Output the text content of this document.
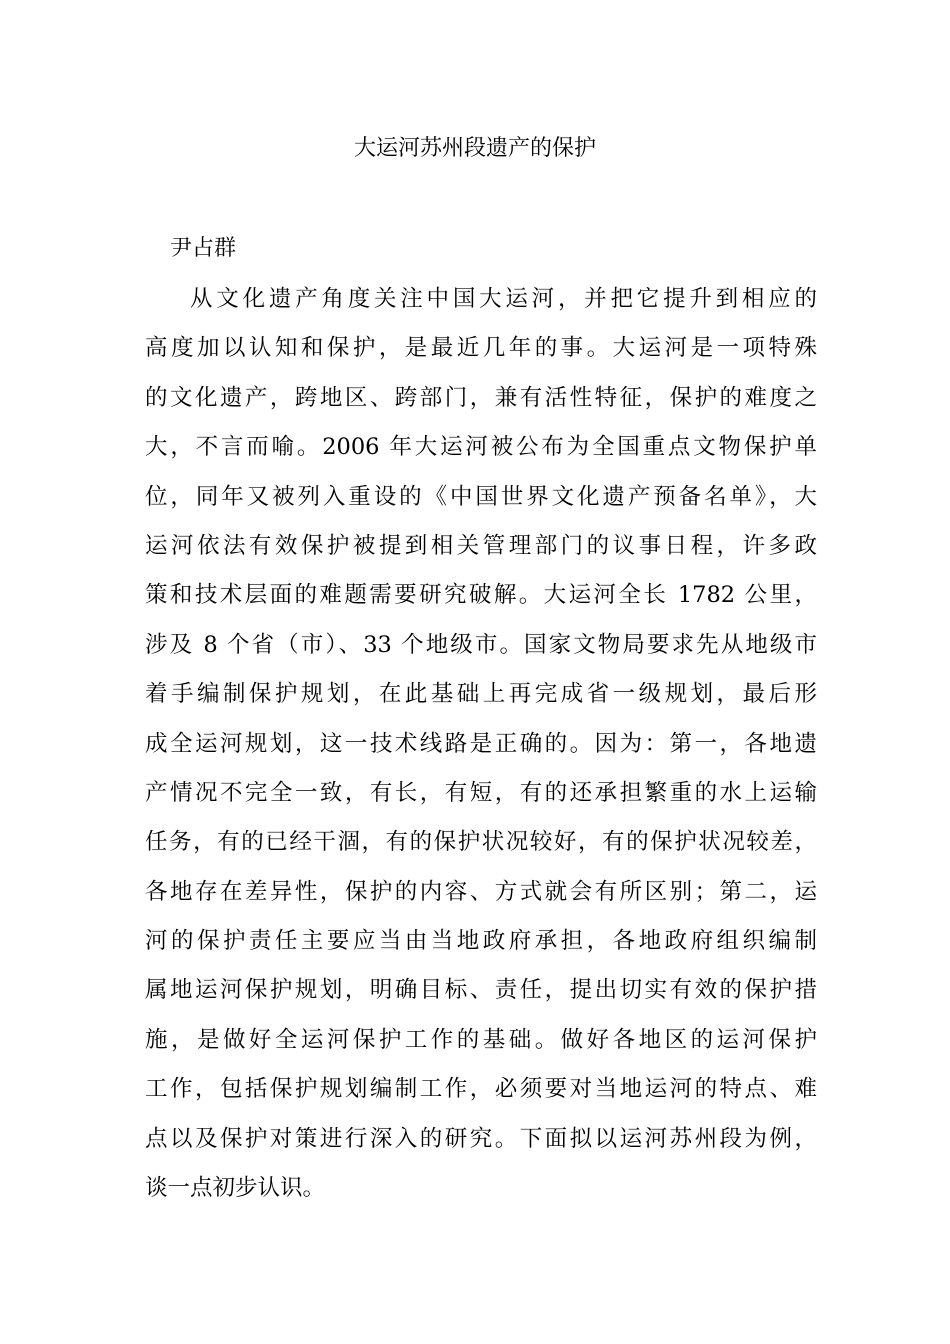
大运河苏州段遗产的保护

尹占群

从文化遗产角度关注中国大运河，并把它提升到相应的
高度加以认知和保护，是最近几年的事。大运河是一项特殊
的文化遗产，跨地区、跨部门，兼有活性特征，保护的难度之
大，不言而喻。2006 年大运河被公布为全国重点文物保护单
位，同年又被列入重设的《中国世界文化遗产预备名单》，大
运河依法有效保护被提到相关管理部门的议事日程，许多政
策和技术层面的难题需要研究破解。大运河全长 1782 公里，
涉及 8 个省（市）、33 个地级市。国家文物局要求先从地级市
着手编制保护规划，在此基础上再完成省一级规划，最后形
成全运河规划，这一技术线路是正确的。因为：第一，各地遗
产情况不完全一致，有长，有短，有的还承担繁重的水上运输
任务，有的已经干涸，有的保护状况较好，有的保护状况较差，
各地存在差异性，保护的内容、方式就会有所区别；第二，运
河的保护责任主要应当由当地政府承担，各地政府组织编制
属地运河保护规划，明确目标、责任，提出切实有效的保护措
施，是做好全运河保护工作的基础。做好各地区的运河保护
工作，包括保护规划编制工作，必须要对当地运河的特点、难
点以及保护对策进行深入的研究。下面拟以运河苏州段为例，
谈一点初步认识。
